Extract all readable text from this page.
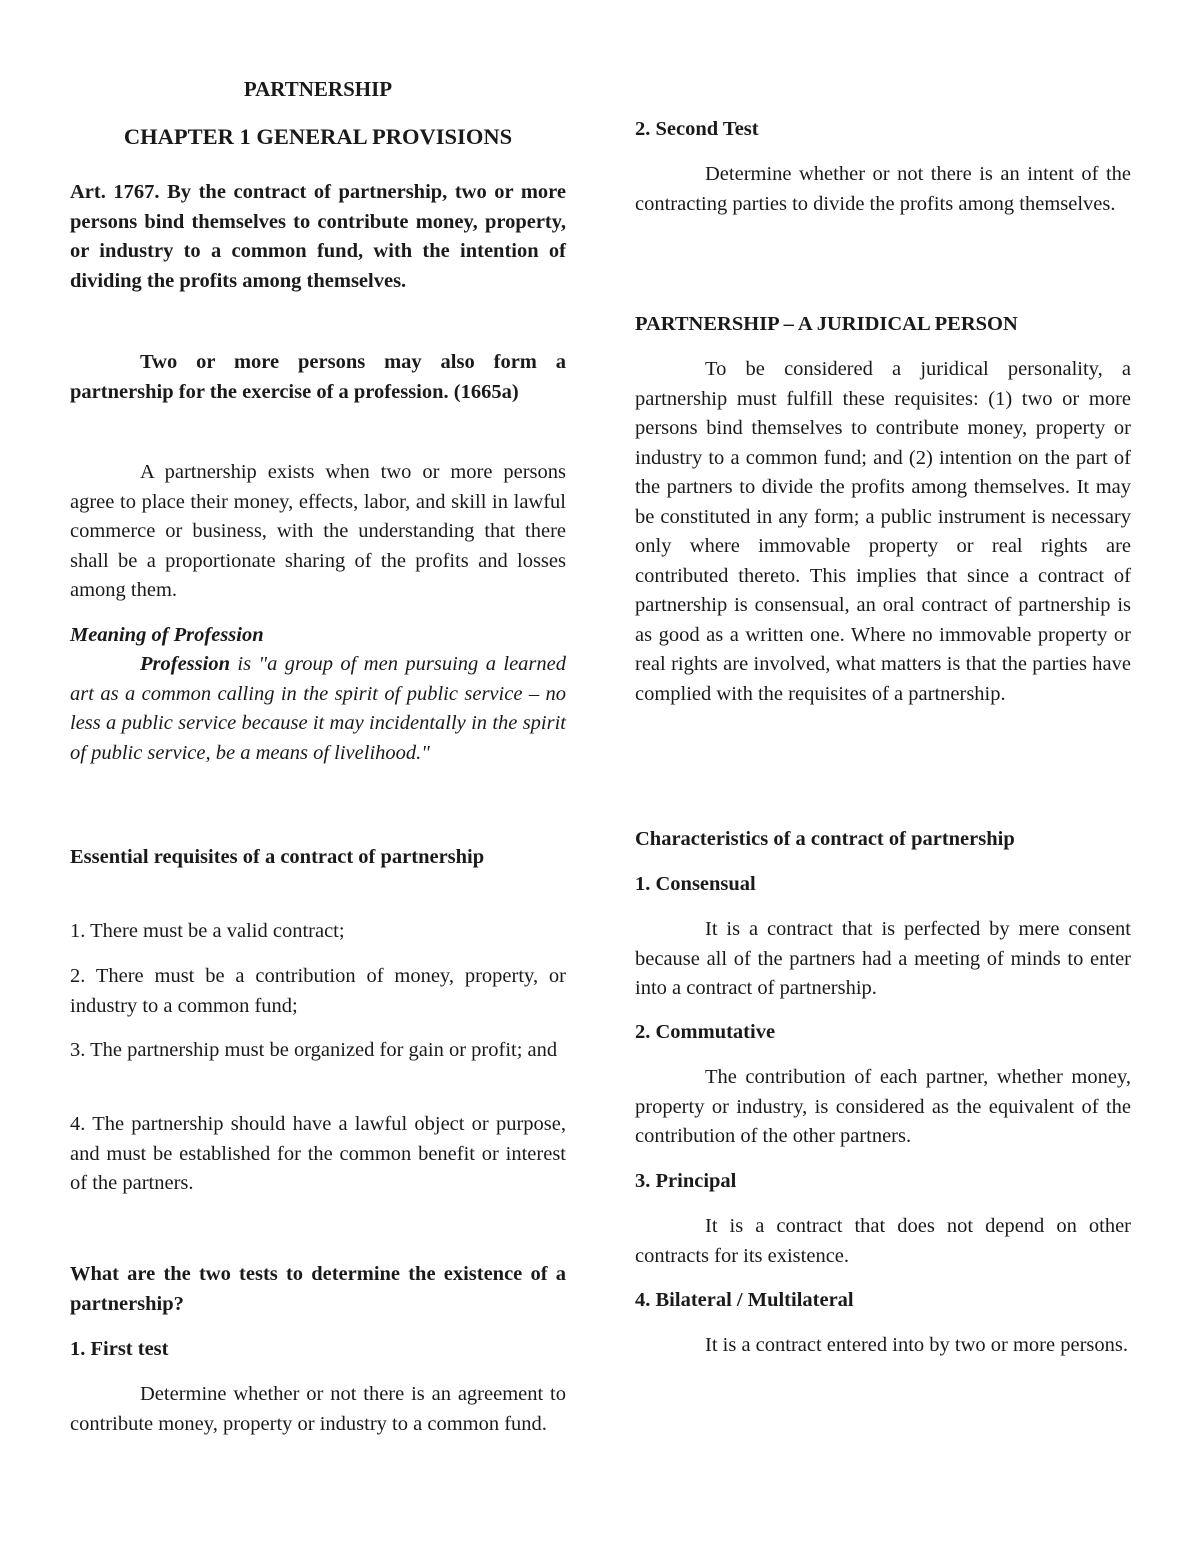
PARTNERSHIP

CHAPTER 1 GENERAL PROVISIONS

Art. 1767. By the contract of partnership, two or more persons bind themselves to contribute money, property, or industry to a common fund, with the intention of dividing the profits among themselves.

Two or more persons may also form a partnership for the exercise of a profession. (1665a)

A partnership exists when two or more persons agree to place their money, effects, labor, and skill in lawful commerce or business, with the understanding that there shall be a proportionate sharing of the profits and losses among them.

Meaning of Profession

Profession is "a group of men pursuing a learned art as a common calling in the spirit of public service – no less a public service because it may incidentally in the spirit of public service, be a means of livelihood."

Essential requisites of a contract of partnership

1. There must be a valid contract;

2. There must be a contribution of money, property, or industry to a common fund;

3. The partnership must be organized for gain or profit; and

4. The partnership should have a lawful object or purpose, and must be established for the common benefit or interest of the partners.

What are the two tests to determine the existence of a partnership?

1. First test

Determine whether or not there is an agreement to contribute money, property or industry to a common fund.

2. Second Test

Determine whether or not there is an intent of the contracting parties to divide the profits among themselves.

PARTNERSHIP – A JURIDICAL PERSON

To be considered a juridical personality, a partnership must fulfill these requisites: (1) two or more persons bind themselves to contribute money, property or industry to a common fund; and (2) intention on the part of the partners to divide the profits among themselves. It may be constituted in any form; a public instrument is necessary only where immovable property or real rights are contributed thereto. This implies that since a contract of partnership is consensual, an oral contract of partnership is as good as a written one. Where no immovable property or real rights are involved, what matters is that the parties have complied with the requisites of a partnership.

Characteristics of a contract of partnership

1. Consensual

It is a contract that is perfected by mere consent because all of the partners had a meeting of minds to enter into a contract of partnership.

2. Commutative

The contribution of each partner, whether money, property or industry, is considered as the equivalent of the contribution of the other partners.

3. Principal

It is a contract that does not depend on other contracts for its existence.

4. Bilateral / Multilateral

It is a contract entered into by two or more persons.
